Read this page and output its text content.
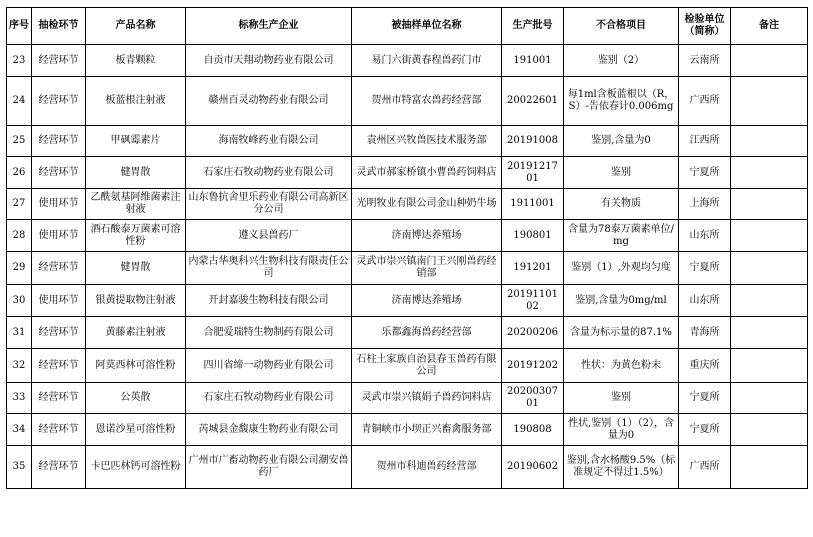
序号	抽检环节	产品名称	标称生产企业	被抽样单位名称	生产批号	不合格项目	检验单位（简称）	备注
23	经营环节	板青颗粒	自贡市天翔动物药业有限公司	易门六街黄春程兽药门市	191001	鉴别（2）	云南所	
24	经营环节	板蓝根注射液	赣州百灵动物药业有限公司	贺州市特富农兽药经营部	20022601	每1ml含板蓝根以（R，S）-告依春计0.006mg	广西所	
25	经营环节	甲砜霉素片	海南牧峰药业有限公司	袁州区兴牧兽医技术服务部	20191008	鉴别,含量为0	江西所	
26	经营环节	健胃散	石家庄石牧动物药业有限公司	灵武市郝家桥镇小曹兽药饲料店	2019121701	鉴别	宁夏所	
27	使用环节	乙酰氨基阿维菌素注射液	山东鲁抗舍里乐药业有限公司高新区分公司	光明牧业有限公司金山种奶牛场	1911001	有关物质	上海所	
28	使用环节	酒石酸泰万菌素可溶性粉	遵义县兽药厂	济南博达养殖场	190801	含量为78泰万菌素单位/mg	山东所	
29	经营环节	健胃散	内蒙古华奥科兴生物科技有限责任公司	灵武市崇兴镇南门王兴刚兽药经销部	191201	鉴别（1）,外观均匀度	宁夏所	
30	使用环节	银黄提取物注射液	开封嘉骏生物科技有限公司	济南博达养殖场	2019110102	鉴别,含量为0mg/ml	山东所	
31	经营环节	黄藤素注射液	合肥爱瑞特生物制药有限公司	乐都鑫海兽药经营部	20200206	含量为标示量的87.1%	青海所	
32	经营环节	阿莫西林可溶性粉	四川省缔一动物药业有限公司	石柱土家族自治县春玉兽药有限公司	20191202	性状：为黄色粉末	重庆所	
33	经营环节	公英散	石家庄石牧动物药业有限公司	灵武市崇兴镇娟子兽药饲料店	2020030701	鉴别	宁夏所	
34	经营环节	恩诺沙星可溶性粉	芮城县金馥康生物药业有限公司	青铜峡市小坝正兴畜禽服务部	190808	性状,鉴别（1）（2），含量为0	宁夏所	
35	经营环节	卡巴匹林钙可溶性粉	广州市广畜动物药业有限公司潮安兽药厂	贺州市科迪兽药经营部	20190602	鉴别,含水杨酸9.5%（标准规定不得过1.5%）	广西所	
